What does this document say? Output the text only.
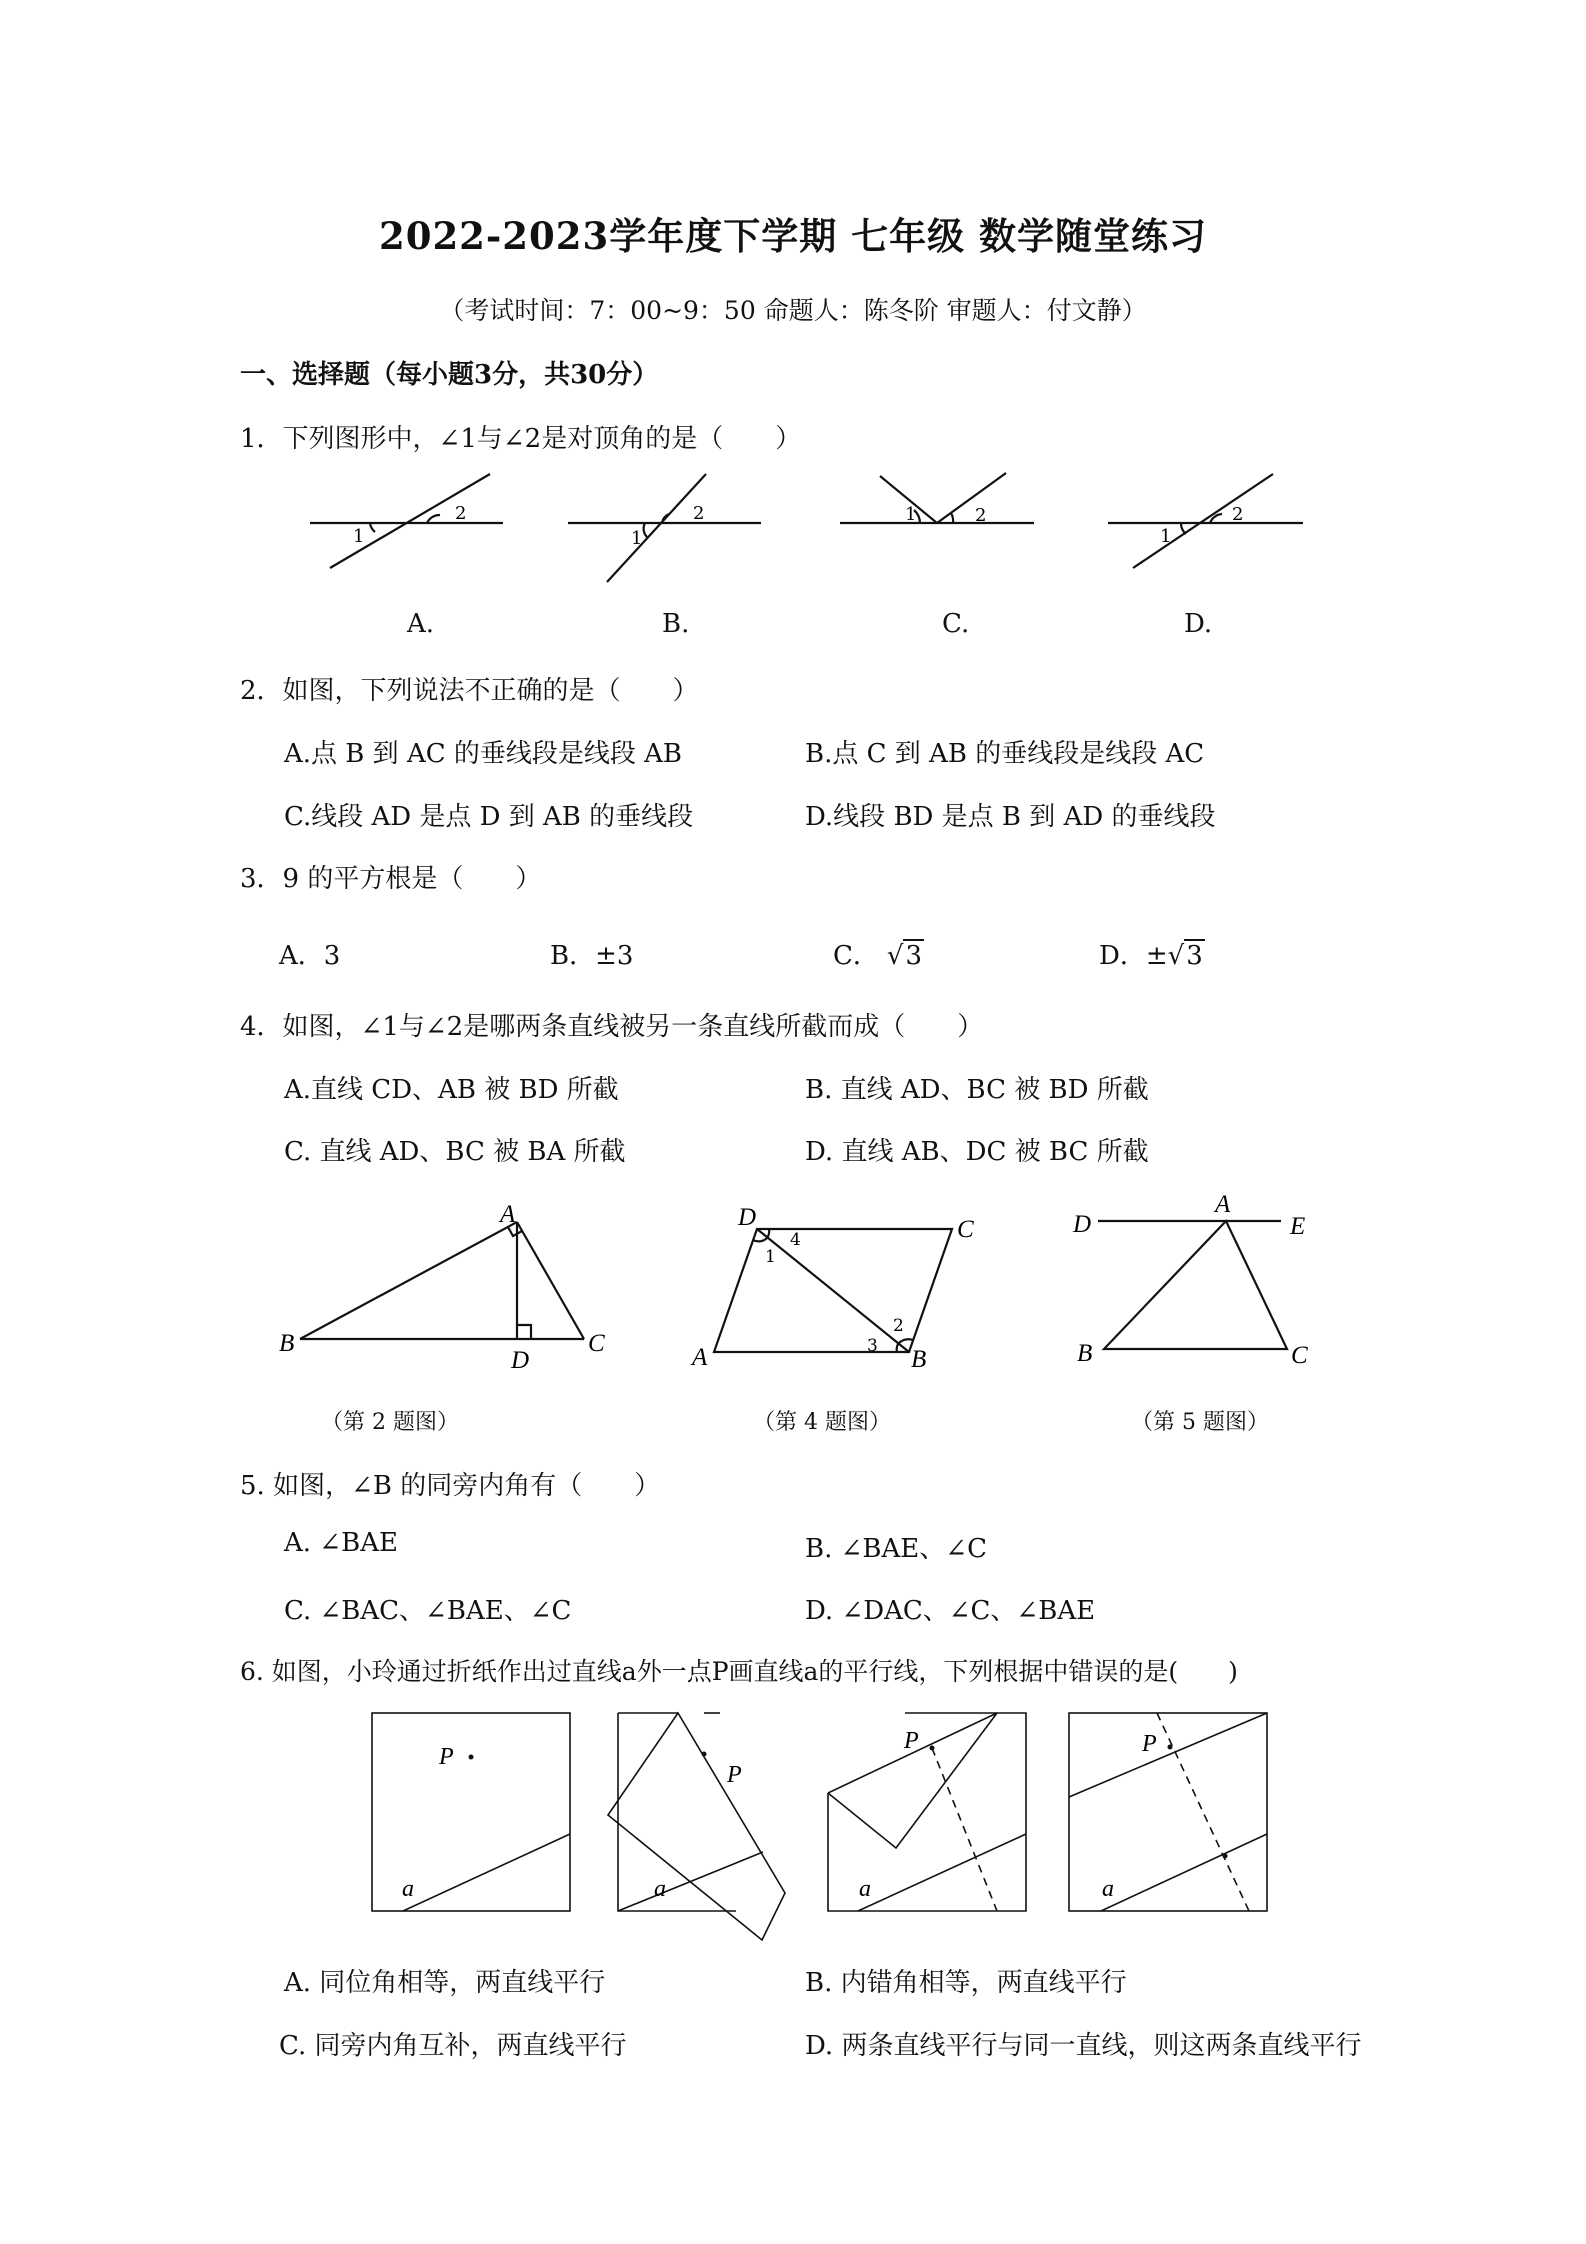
2022-2023学年度下学期 七年级 数学随堂练习
（考试时间：7：00~9：50 命题人：陈冬阶 审题人：付文静）
一、选择题（每小题3分，共30分）
1．下列图形中，∠1与∠2是对顶角的是（　　）
1
2
1
2	1	2
1
2
A
B	C
D
D	C
A	B
1
2
3
4
D
A
E
B	C
P
a
P
a
P
a
P
a
A.	B.	C.	D.
2．如图，下列说法不正确的是（　　）
A.点 B 到 AC 的垂线段是线段 AB	B.点 C 到 AB 的垂线段是线段 AC
C.线段 AD 是点 D 到 AB 的垂线段	D.线段 BD 是点 B 到 AD 的垂线段
3．9 的平方根是（　　）
A．3	B．±3	C． √3	D．±√3
4．如图，∠1与∠2是哪两条直线被另一条直线所截而成（　　）
A.直线 CD、AB 被 BD 所截	B. 直线 AD、BC 被 BD 所截
C. 直线 AD、BC 被 BA 所截	D. 直线 AB、DC 被 BC 所截
（第 2 题图）	（第 4 题图）	（第 5 题图）
5. 如图，∠B 的同旁内角有（　　）
A. ∠BAE	B. ∠BAE、∠C
C. ∠BAC、∠BAE、∠C	D. ∠DAC、∠C、∠BAE
6. 如图，小玲通过折纸作出过直线a外一点P画直线a的平行线，下列根据中错误的是(　　)
A. 同位角相等，两直线平行	B. 内错角相等，两直线平行
C. 同旁内角互补，两直线平行	D. 两条直线平行与同一直线，则这两条直线平行
